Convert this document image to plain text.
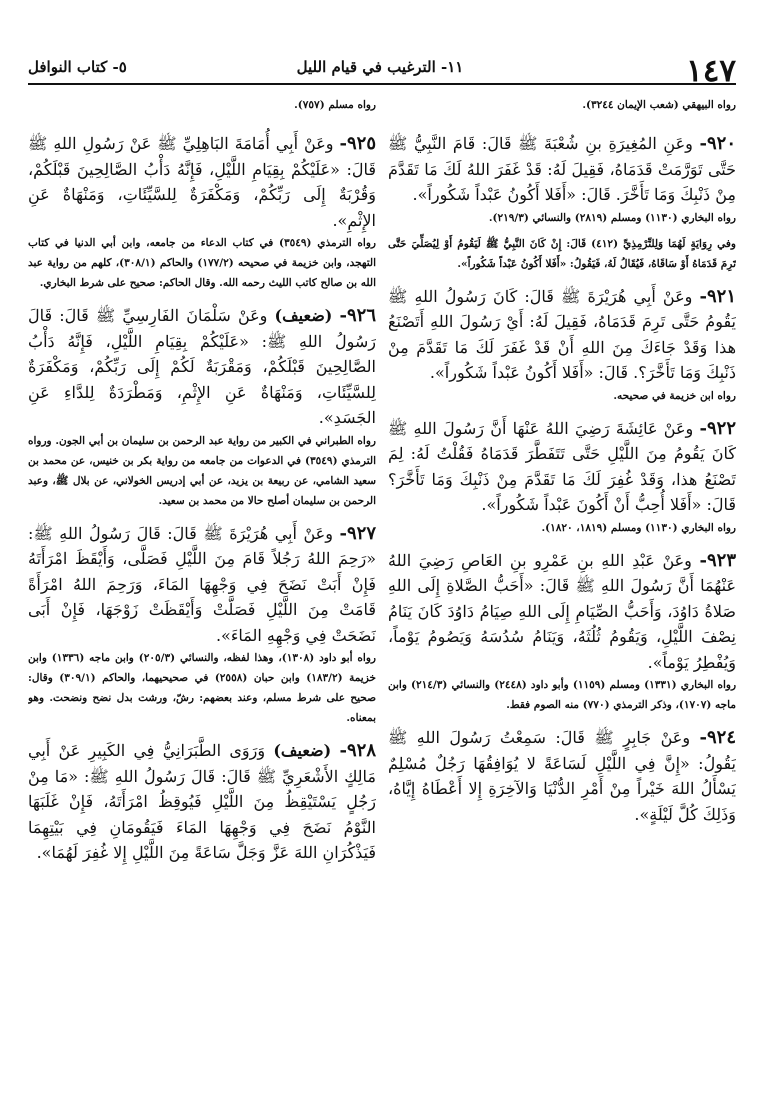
١٤٧
١١- الترغيب في قيام الليل
٥- كتاب النوافل

رواه البيهقي (شعب الإيمان ٣٢٤٤).

٩٢٠- وعَنِ المُغِيرَةِ بنِ شُعْبَةَ ﷺ قَالَ: قَامَ النَّبِيُّ ﷺ حَتَّى تَوَرَّمَتْ قَدَمَاهُ، فَقِيلَ لَهُ: قَدْ غَفَرَ اللهُ لَكَ مَا تَقَدَّمَ مِنْ ذَنْبِكَ وَمَا تَأَخَّرَ. قَالَ: «أَفَلا أَكُونُ عَبْداً شَكُوراً».

رواه البخاري (١١٣٠) ومسلم (٢٨١٩) والنسائي (٢١٩/٣).

وفي رِوَايَةٍ لَهُمَا وَلِلتِّرْمِذِيِّ (٤١٢) قَالَ: إِنْ كَانَ النَّبِيُّ ﷺ لَيَقُومُ أَوْ لِيُصَلِّيَ حَتَّى تَرِمَ قَدَمَاهُ أَوْ سَاقَاهُ، فَيُقَالُ لَهُ، فَيَقُولُ: «أَفَلا أَكُونُ عَبْداً شَكُوراً».

٩٢١- وعَنْ أَبِي هُرَيْرَةَ ﷺ قَالَ: كَانَ رَسُولُ اللهِ ﷺ يَقُومُ حَتَّى تَرِمَ قَدَمَاهُ، فَقِيلَ لَهُ: أَيْ رَسُولَ اللهِ أَتَصْنَعُ هذا وَقَدْ جَاءَكَ مِنَ اللهِ أَنْ قَدْ غَفَرَ لَكَ مَا تَقَدَّمَ مِنْ ذَنْبِكَ وَمَا تَأَخَّرَ؟. قَالَ: «أَفَلا أَكُونُ عَبْداً شَكُوراً».

رواه ابن خزيمة في صحيحه.

٩٢٢- وعَنْ عَائِشَةَ رَضِيَ اللهُ عَنْهَا أَنَّ رَسُولَ اللهِ ﷺ كَانَ يَقُومُ مِنَ اللَّيْلِ حَتَّى تَتَفَطَّرَ قَدَمَاهُ فَقُلْتُ لَهُ: لِمَ تَصْنَعُ هذا، وَقَدْ غُفِرَ لَكَ مَا تَقَدَّمَ مِنْ ذَنْبِكَ وَمَا تَأَخَّرَ؟ قَالَ: «أَفَلا أُحِبُّ أَنْ أَكُونَ عَبْداً شَكُوراً».

رواه البخاري (١١٣٠) ومسلم (١٨١٩، ١٨٢٠).

٩٢٣- وعَنْ عَبْدِ اللهِ بنِ عَمْرِو بنِ العَاصِ رَضِيَ اللهُ عَنْهُمَا أَنَّ رَسُولَ اللهِ ﷺ قَالَ: «أَحَبُّ الصَّلاةِ إِلَى اللهِ صَلاةُ دَاوُدَ، وَأَحَبُّ الصِّيَامِ إِلَى اللهِ صِيَامُ دَاوُدَ كَانَ يَنَامُ نِصْفَ اللَّيْلِ، وَيَقُومُ ثُلُثَهُ، وَيَنَامُ سُدُسَهُ وَيَصُومُ يَوْماً، وَيُفْطِرُ يَوْماً».

رواه البخاري (١٣٣١) ومسلم (١١٥٩) وأبو داود (٢٤٤٨) والنسائي (٢١٤/٣) وابن ماجه (١٧٠٧)، وذكر الترمذي (٧٧٠) منه الصوم فقط.

٩٢٤- وعَنْ جَابِرٍ ﷺ قَالَ: سَمِعْتُ رَسُولَ اللهِ ﷺ يَقُولُ: «إِنَّ فِي اللَّيْلِ لَسَاعَةً لا يُوَافِقُهَا رَجُلٌ مُسْلِمٌ يَسْأَلُ اللهَ خَيْراً مِنْ أَمْرِ الدُّنْيَا وَالآخِرَةِ إِلا أَعْطَاهُ إِيَّاهُ، وَذَلِكَ كُلَّ لَيْلَةٍ».

رواه مسلم (٧٥٧).

٩٢٥- وعَنْ أَبِي أُمَامَةَ البَاهِلِيِّ ﷺ عَنْ رَسُولِ اللهِ ﷺ قَالَ: «عَلَيْكُمْ بِقِيَامِ اللَّيْلِ، فَإِنَّهُ دَأْبُ الصَّالِحِينَ قَبْلَكُمْ، وَقُرْبَةٌ إِلَى رَبِّكُمْ، وَمَكْفَرَةٌ لِلسَّيِّئَاتِ، وَمَنْهَاةٌ عَنِ الإِثْمِ».

رواه الترمذي (٣٥٤٩) في كتاب الدعاء من جامعه، وابن أبي الدنيا في كتاب التهجد، وابن خزيمة في صحيحه (١٧٧/٢) والحاكم (٣٠٨/١)، كلهم من رواية عبد الله بن صالح كاتب الليث رحمه الله. وقال الحاكم: صحيح على شرط البخاري.

٩٢٦- (ضعيف) وعَنْ سَلْمَانَ الفَارِسِيِّ ﷺ قَالَ: قَالَ رَسُولُ اللهِ ﷺ: «عَلَيْكُمْ بِقِيَامِ اللَّيْلِ، فَإِنَّهُ دَأْبُ الصَّالِحِينَ قَبْلَكُمْ، وَمَقْرَبَةٌ لَكُمْ إِلَى رَبِّكُمْ، وَمَكْفَرَةٌ لِلسَّيِّئَاتِ، وَمَنْهَاةٌ عَنِ الإِثْمِ، وَمَطْرَدَةٌ لِلدَّاءِ عَنِ الجَسَدِ».

رواه الطبراني في الكبير من رواية عبد الرحمن بن سليمان بن أبي الجون. ورواه الترمذي (٣٥٤٩) في الدعوات من جامعه من رواية بكر بن خنيس، عن محمد بن سعيد الشامي، عن ربيعة بن يزيد، عن أبي إدريس الخولاني، عن بلال ﷺ، وعبد الرحمن بن سليمان أصلح حالا من محمد بن سعيد.

٩٢٧- وعَنْ أَبِي هُرَيْرَةَ ﷺ قَالَ: قَالَ رَسُولُ اللهِ ﷺ: «رَحِمَ اللهُ رَجُلاً قَامَ مِنَ اللَّيْلِ فَصَلَّى، وَأَيْقَظَ امْرَأَتَهُ فَإِنْ أَبَتْ نَضَحَ فِي وَجْهِهَا المَاءَ، وَرَحِمَ اللهُ امْرَأَةً قَامَتْ مِنَ اللَّيْلِ فَصَلَّتْ وَأَيْقَظَتْ زَوْجَهَا، فَإِنْ أَبَى نَضَحَتْ فِي وَجْهِهِ المَاءَ».

رواه أبو داود (١٣٠٨)، وهذا لفظه، والنسائي (٢٠٥/٣) وابن ماجه (١٣٣٦) وابن خزيمة (١٨٣/٢) وابن حبان (٢٥٥٨) في صحيحيهما، والحاكم (٣٠٩/١) وقال: صحيح على شرط مسلم، وعند بعضهم: رشّ، ورشت بدل نضح ونضحت. وهو بمعناه.

٩٢٨- (ضعيف) وَرَوَى الطَّبَرَانِيُّ فِي الكَبِيرِ عَنْ أَبِي مَالِكٍ الأَشْعَرِيِّ ﷺ قَالَ: قَالَ رَسُولُ اللهِ ﷺ: «مَا مِنْ رَجُلٍ يَسْتَيْقِظُ مِنَ اللَّيْلِ فَيُوقِظُ امْرَأَتَهُ، فَإِنْ غَلَبَهَا النَّوْمُ نَضَحَ فِي وَجْهِهَا المَاءَ فَيَقُومَانِ فِي بَيْتِهِمَا فَيَذْكُرَانِ اللهَ عَزَّ وَجَلَّ سَاعَةً مِنَ اللَّيْلِ إِلا غُفِرَ لَهُمَا».
